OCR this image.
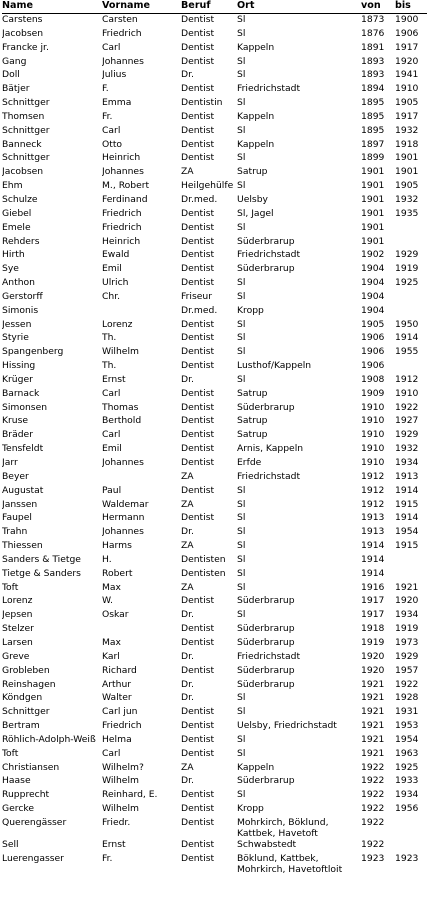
Name	Vorname	Beruf	Ort	von	bis
Carstens	Carsten	Dentist	Sl	1873	1900
Jacobsen	Friedrich	Dentist	Sl	1876	1906
Francke jr.	Carl	Dentist	Kappeln	1891	1917
Gang	Johannes	Dentist	Sl	1893	1920
Doll	Julius	Dr.	Sl	1893	1941
Bätjer	F.	Dentist	Friedrichstadt	1894	1910
Schnittger	Emma	Dentistin	Sl	1895	1905
Thomsen	Fr.	Dentist	Kappeln	1895	1917
Schnittger	Carl	Dentist	Sl	1895	1932
Banneck	Otto	Dentist	Kappeln	1897	1918
Schnittger	Heinrich	Dentist	Sl	1899	1901
Jacobsen	Johannes	ZA	Satrup	1901	1901
Ehm	M., Robert	Heilgehülfe	Sl	1901	1905
Schulze	Ferdinand	Dr.med.	Uelsby	1901	1932
Giebel	Friedrich	Dentist	Sl, Jagel	1901	1935
Emele	Friedrich	Dentist	Sl	1901	
Rehders	Heinrich	Dentist	Süderbrarup	1901	
Hirth	Ewald	Dentist	Friedrichstadt	1902	1929
Sye	Emil	Dentist	Süderbrarup	1904	1919
Anthon	Ulrich	Dentist	Sl	1904	1925
Gerstorff	Chr.	Friseur	Sl	1904	
Simonis		Dr.med.	Kropp	1904	
Jessen	Lorenz	Dentist	Sl	1905	1950
Styrie	Th.	Dentist	Sl	1906	1914
Spangenberg	Wilhelm	Dentist	Sl	1906	1955
Hissing	Th.	Dentist	Lusthof/Kappeln	1906	
Krüger	Ernst	Dr.	Sl	1908	1912
Barnack	Carl	Dentist	Satrup	1909	1910
Simonsen	Thomas	Dentist	Süderbrarup	1910	1922
Kruse	Berthold	Dentist	Satrup	1910	1927
Bräder	Carl	Dentist	Satrup	1910	1929
Tensfeldt	Emil	Dentist	Arnis, Kappeln	1910	1932
Jarr	Johannes	Dentist	Erfde	1910	1934
Beyer		ZA	Friedrichstadt	1912	1913
Augustat	Paul	Dentist	Sl	1912	1914
Janssen	Waldemar	ZA	Sl	1912	1915
Faupel	Hermann	Dentist	Sl	1913	1914
Trahn	Johannes	Dr.	Sl	1913	1954
Thiessen	Harms	ZA	Sl	1914	1915
Sanders & Tietge	H.	Dentisten	Sl	1914	
Tietge & Sanders	Robert	Dentisten	Sl	1914	
Toft	Max	ZA	Sl	1916	1921
Lorenz	W.	Dentist	Süderbrarup	1917	1920
Jepsen	Oskar	Dr.	Sl	1917	1934
Stelzer		Dentist	Süderbrarup	1918	1919
Larsen	Max	Dentist	Süderbrarup	1919	1973
Greve	Karl	Dr.	Friedrichstadt	1920	1929
Grobleben	Richard	Dentist	Süderbrarup	1920	1957
Reinshagen	Arthur	Dr.	Süderbrarup	1921	1922
Köndgen	Walter	Dr.	Sl	1921	1928
Schnittger	Carl jun	Dentist	Sl	1921	1931
Bertram	Friedrich	Dentist	Uelsby, Friedrichstadt	1921	1953
Röhlich-Adolph-Weiß	Helma	Dentist	Sl	1921	1954
Toft	Carl	Dentist	Sl	1921	1963
Christiansen	Wilhelm?	ZA	Kappeln	1922	1925
Haase	Wilhelm	Dr.	Süderbrarup	1922	1933
Rupprecht	Reinhard, E.	Dentist	Sl	1922	1934
Gercke	Wilhelm	Dentist	Kropp	1922	1956
Querengässer	Friedr.	Dentist	Mohrkirch, Böklund, Kattbek, Havetoft	1922	
Sell	Ernst	Dentist	Schwabstedt	1922	
Luerengasser	Fr.	Dentist	Böklund, Kattbek, Mohrkirch, Havetoftloit	1923	1923
